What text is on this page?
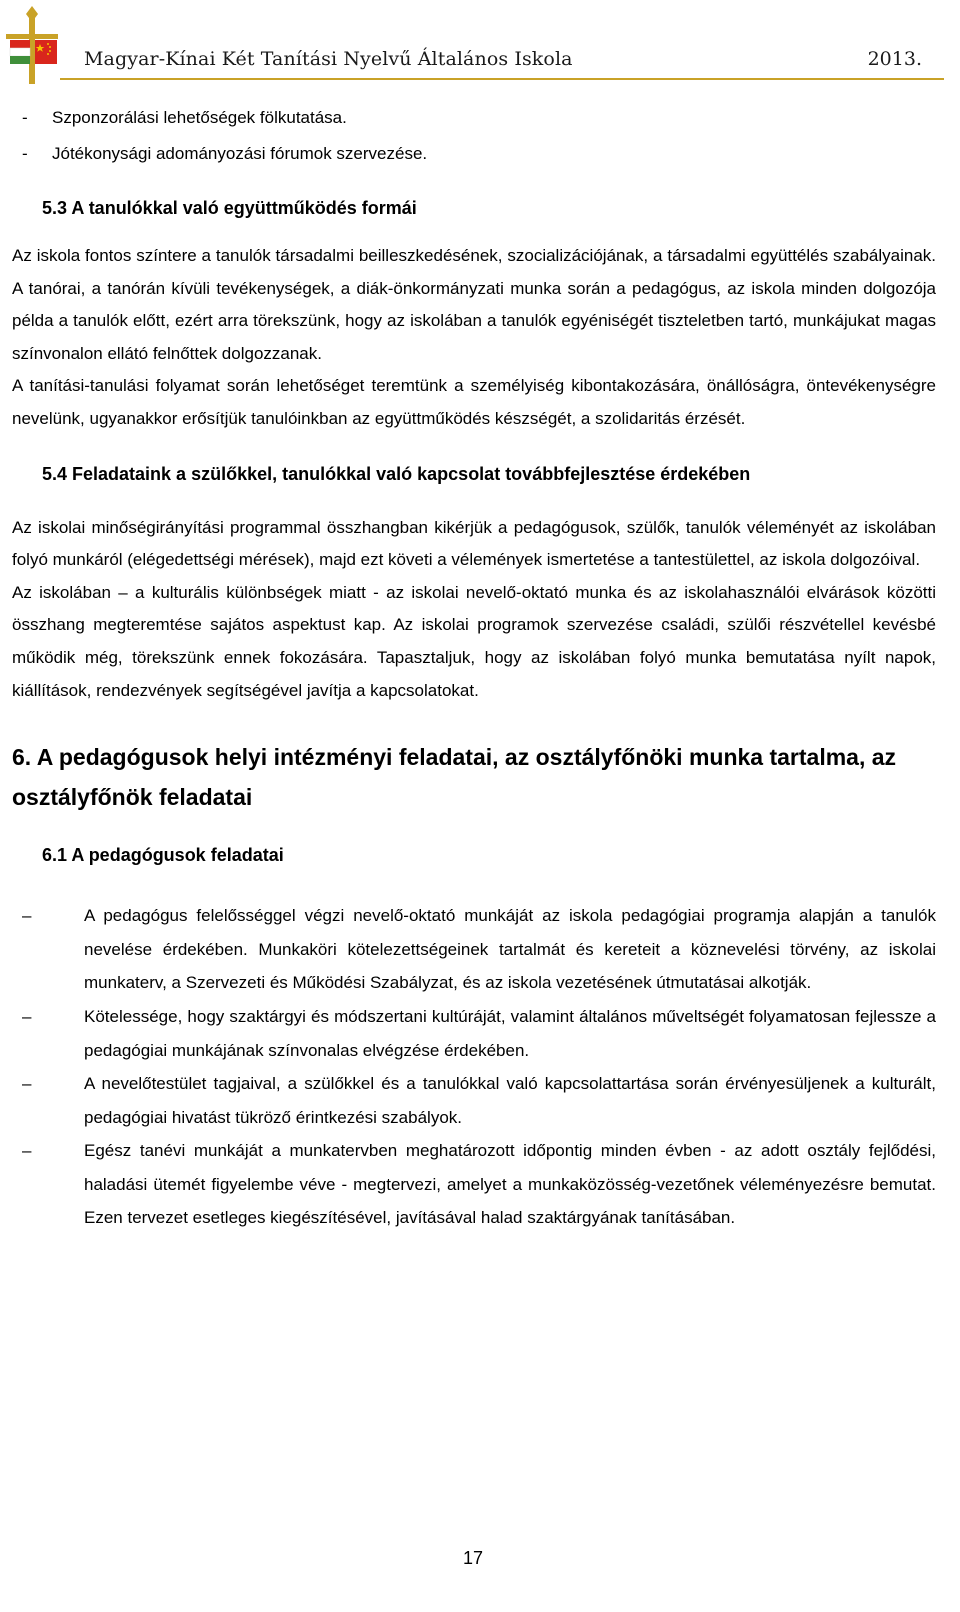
Magyar-Kínai Két Tanítási Nyelvű Általános Iskola	2013.
- Szponzorálási lehetőségek fölkutatása.
- Jótékonysági adományozási fórumok szervezése.
5.3 A tanulókkal való együttműködés formái

Az iskola fontos színtere a tanulók társadalmi beilleszkedésének, szocializációjának, a társadalmi együttélés szabályainak. A tanórai, a tanórán kívüli tevékenységek, a diák-önkormányzati munka során a pedagógus, az iskola minden dolgozója példa a tanulók előtt, ezért arra törekszünk, hogy az iskolában a tanulók egyéniségét tiszteletben tartó, munkájukat magas színvonalon ellátó felnőttek dolgozzanak.

A tanítási-tanulási folyamat során lehetőséget teremtünk a személyiség kibontakozására, önállóságra, öntevékenységre nevelünk, ugyanakkor erősítjük tanulóinkban az együttműködés készségét, a szolidaritás érzését.

5.4 Feladataink a szülőkkel, tanulókkal való kapcsolat továbbfejlesztése érdekében

Az iskolai minőségirányítási programmal összhangban kikérjük a pedagógusok, szülők, tanulók véleményét az iskolában folyó munkáról (elégedettségi mérések), majd ezt követi a vélemények ismertetése a tantestülettel, az iskola dolgozóival.

Az iskolában – a kulturális különbségek miatt - az iskolai nevelő-oktató munka és az iskolahasználói elvárások közötti összhang megteremtése sajátos aspektust kap. Az iskolai programok szervezése családi, szülői részvétellel kevésbé működik még, törekszünk ennek fokozására. Tapasztaljuk, hogy az iskolában folyó munka bemutatása nyílt napok, kiállítások, rendezvények segítségével javítja a kapcsolatokat.

6. A pedagógusok helyi intézményi feladatai, az osztályfőnöki munka tartalma, az osztályfőnök feladatai
6.1 A pedagógusok feladatai
–	A pedagógus felelősséggel végzi nevelő-oktató munkáját az iskola pedagógiai programja alapján a tanulók nevelése érdekében. Munkaköri kötelezettségeinek tartalmát és kereteit a köznevelési törvény, az iskolai munkaterv, a Szervezeti és Működési Szabályzat, és az iskola vezetésének útmutatásai alkotják.
–	Kötelessége, hogy szaktárgyi és módszertani kultúráját, valamint általános műveltségét folyamatosan fejlessze a pedagógiai munkájának színvonalas elvégzése érdekében.
–	A nevelőtestület tagjaival, a szülőkkel és a tanulókkal való kapcsolattartása során érvényesüljenek a kulturált, pedagógiai hivatást tükröző érintkezési szabályok.
–	Egész tanévi munkáját a munkatervben meghatározott időpontig minden évben - az adott osztály fejlődési, haladási ütemét figyelembe véve - megtervezi, amelyet a munkaközösség-vezetőnek véleményezésre bemutat. Ezen tervezet esetleges kiegészítésével, javításával halad szaktárgyának tanításában.
17
